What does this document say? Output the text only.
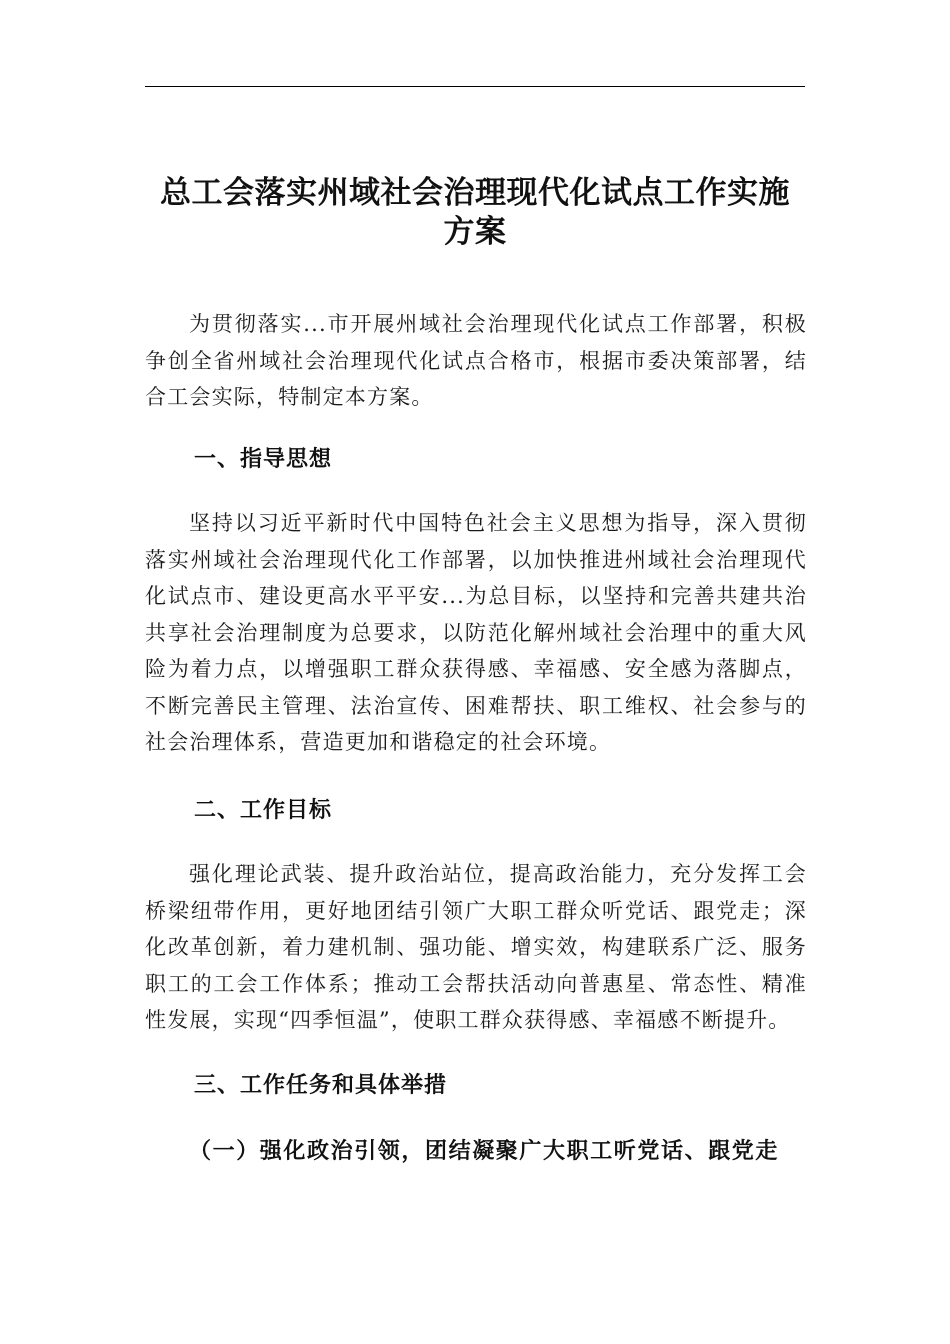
总工会落实州域社会治理现代化试点工作实施
方案

为贯彻落实...市开展州域社会治理现代化试点工作部署，积极争创全省州域社会治理现代化试点合格市，根据市委决策部署，结合工会实际，特制定本方案。

一、指导思想

坚持以习近平新时代中国特色社会主义思想为指导，深入贯彻落实州域社会治理现代化工作部署，以加快推进州域社会治理现代化试点市、建设更高水平平安...为总目标，以坚持和完善共建共治共享社会治理制度为总要求，以防范化解州域社会治理中的重大风险为着力点，以增强职工群众获得感、幸福感、安全感为落脚点，不断完善民主管理、法治宣传、困难帮扶、职工维权、社会参与的社会治理体系，营造更加和谐稳定的社会环境。

二、工作目标

强化理论武装、提升政治站位，提高政治能力，充分发挥工会桥梁纽带作用，更好地团结引领广大职工群众听党话、跟党走；深化改革创新，着力建机制、强功能、增实效，构建联系广泛、服务职工的工会工作体系；推动工会帮扶活动向普惠星、常态性、精准性发展，实现“四季恒温”，使职工群众获得感、幸福感不断提升。

三、工作任务和具体举措

（一）强化政治引领，团结凝聚广大职工听党话、跟党走
